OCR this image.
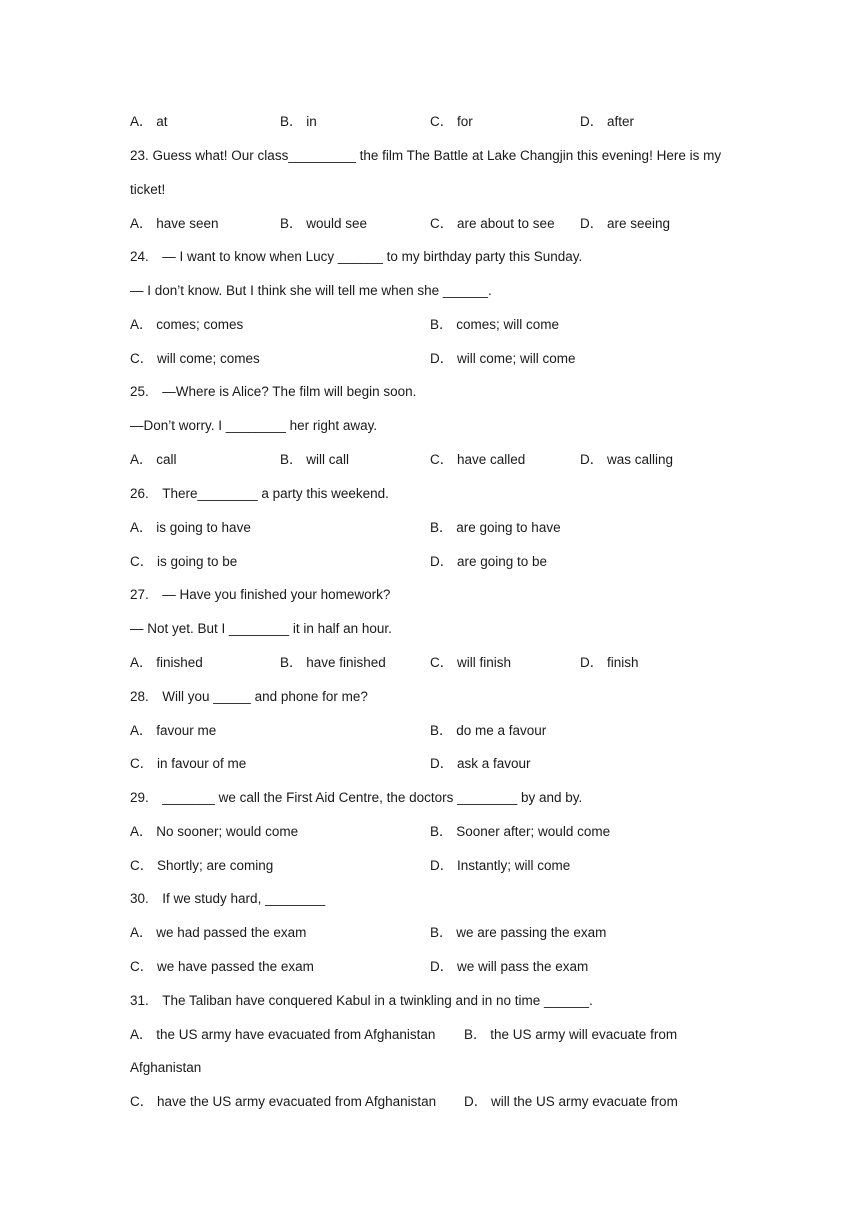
A． at	B． in	C． for	D． after
23. Guess what! Our class_________ the film The Battle at Lake Changjin this evening! Here is my
ticket!
A． have seen	B． would see	C． are about to see D． are seeing
24.　— I want to know when Lucy ______ to my birthday party this Sunday.
— I don’t know. But I think she will tell me when she ______.
A． comes; comes	B． comes; will come
C． will come; comes	D． will come; will come
25.　—Where is Alice? The film will begin soon.
—Don’t worry. I ________ her right away.
A． call	B． will call	C． have called	D． was calling
26.　There________ a party this weekend.
A． is going to have	B． are going to have
C． is going to be	D． are going to be
27.　— Have you finished your homework?
— Not yet. But I ________ it in half an hour.
A． finished	B． have finished	C． will finish	D． finish
28.　Will you _____ and phone for me?
A． favour me	B． do me a favour
C． in favour of me	D． ask a favour
29.　_______ we call the First Aid Centre, the doctors ________ by and by.
A． No sooner; would come	B． Sooner after; would come
C． Shortly; are coming	D． Instantly; will come
30.　If we study hard, ________
A． we had passed the exam	B． we are passing the exam
C． we have passed the exam	D． we will pass the exam
31.　The Taliban have conquered Kabul in a twinkling and in no time ______.
A． the US army have evacuated from Afghanistan B． the US army will evacuate from
Afghanistan
C． have the US army evacuated from Afghanistan D． will the US army evacuate from
